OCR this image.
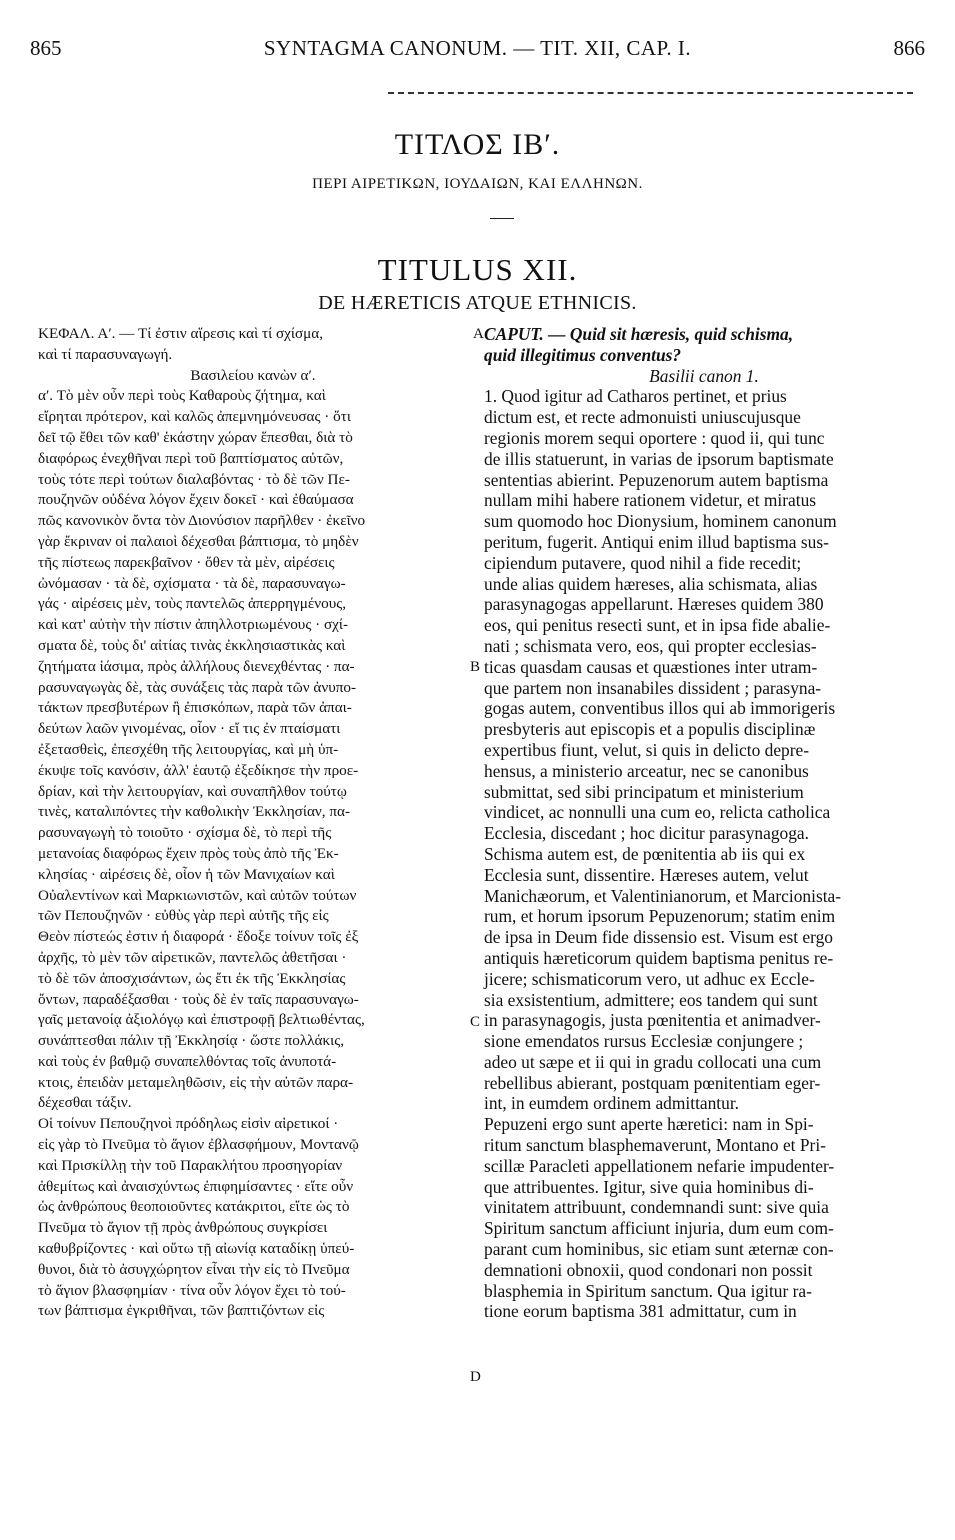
865	SYNTAGMA CANONUM. — TIT. XII, CAP. I.	866
ΤΙΤΛΟΣ ΙΒʹ.
ΠΕΡΙ ΑΙΡΕΤΙΚΩΝ, ΙΟΥΔΑΙΩΝ, ΚΑΙ ΕΛΛΗΝΩΝ.
TITULUS XII.
DE HÆRETICIS ATQUE ETHNICIS.
ΚΕΦΑΛ. Αʹ. — Τί ἐστιν αἵρεσις καὶ τί σχίσμα,
καὶ τί παρασυναγωγή.
Βασιλείου κανὼν αʹ.
αʹ. Τὸ μὲν οὖν περὶ τοὺς Καθαροὺς ζήτημα, καὶ
εἴρηται πρότερον, καὶ καλῶς ἀπεμνημόνευσας · ὅτι
δεῖ τῷ ἔθει τῶν καθ' ἑκάστην χώραν ἕπεσθαι, διὰ τὸ
διαφόρως ἐνεχθῆναι περὶ τοῦ βαπτίσματος αὐτῶν,
τοὺς τότε περὶ τούτων διαλαβόντας · τὸ δὲ τῶν Πε-
πουζηνῶν οὐδένα λόγον ἔχειν δοκεῖ · καὶ ἐθαύμασα
πῶς κανονικὸν ὄντα τὸν Διονύσιον παρῆλθεν · ἐκεῖνο
γὰρ ἔκριναν οἱ παλαιοὶ δέχεσθαι βάπτισμα, τὸ μηδὲν
τῆς πίστεως παρεκβαῖνον · ὅθεν τὰ μὲν, αἱρέσεις
ὠνόμασαν · τὰ δὲ, σχίσματα · τὰ δὲ, παρασυναγω-
γάς · αἱρέσεις μὲν, τοὺς παντελῶς ἀπερρηγμένους,
καὶ κατ' αὐτὴν τὴν πίστιν ἀπηλλοτριωμένους · σχί-
σματα δὲ, τοὺς δι' αἰτίας τινὰς ἐκκλησιαστικὰς καὶ
ζητήματα ἰάσιμα, πρὸς ἀλλήλους διενεχθέντας · πα-
ρασυναγωγὰς δὲ, τὰς συνάξεις τὰς παρὰ τῶν ἀνυπο-
τάκτων πρεσβυτέρων ἢ ἐπισκόπων, παρὰ τῶν ἀπαι-
δεύτων λαῶν γινομένας, οἷον · εἴ τις ἐν πταίσματι
ἐξετασθεὶς, ἐπεσχέθη τῆς λειτουργίας, καὶ μὴ ὑπ-
έκυψε τοῖς κανόσιν, ἀλλ' ἑαυτῷ ἐξεδίκησε τὴν προε-
δρίαν, καὶ τὴν λειτουργίαν, καὶ συναπῆλθον τούτῳ
τινὲς, καταλιπόντες τὴν καθολικὴν Ἐκκλησίαν, πα-
ρασυναγωγὴ τὸ τοιοῦτο · σχίσμα δὲ, τὸ περὶ τῆς
μετανοίας διαφόρως ἔχειν πρὸς τοὺς ἀπὸ τῆς Ἐκ-
κλησίας · αἱρέσεις δὲ, οἷον ἡ τῶν Μανιχαίων καὶ
Οὐαλεντίνων καὶ Μαρκιωνιστῶν, καὶ αὐτῶν τούτων
τῶν Πεπουζηνῶν · εὐθὺς γὰρ περὶ αὐτῆς τῆς εἰς
Θεὸν πίστεώς ἐστιν ἡ διαφορά · ἔδοξε τοίνυν τοῖς ἐξ
ἀρχῆς, τὸ μὲν τῶν αἱρετικῶν, παντελῶς ἀθετῆσαι ·
τὸ δὲ τῶν ἀποσχισάντων, ὡς ἔτι ἐκ τῆς Ἐκκλησίας
ὄντων, παραδέξασθαι · τοὺς δὲ ἐν ταῖς παρασυναγω-
γαῖς μετανοίᾳ ἀξιολόγῳ καὶ ἐπιστροφῇ βελτιωθέντας,
συνάπτεσθαι πάλιν τῇ Ἐκκλησίᾳ · ὥστε πολλάκις,
καὶ τοὺς ἐν βαθμῷ συναπελθόντας τοῖς ἀνυποτά-
κτοις, ἐπειδὰν μεταμεληθῶσιν, εἰς τὴν αὐτῶν παρα-
δέχεσθαι τάξιν.
Οἱ τοίνυν Πεπουζηνοὶ πρόδηλως εἰσὶν αἱρετικοί ·
εἰς γὰρ τὸ Πνεῦμα τὸ ἅγιον ἐβλασφήμουν, Μοντανῷ
καὶ Πρισκίλλῃ τὴν τοῦ Παρακλήτου προσηγορίαν
ἀθεμίτως καὶ ἀναισχύντως ἐπιφημίσαντες · εἴτε οὖν
ὡς ἀνθρώπους θεοποιοῦντες κατάκριτοι, εἴτε ὡς τὸ
Πνεῦμα τὸ ἅγιον τῇ πρὸς ἀνθρώπους συγκρίσει
καθυβρίζοντες · καὶ οὕτω τῇ αἰωνίᾳ καταδίκῃ ὑπεύ-
θυνοι, διὰ τὸ ἀσυγχώρητον εἶναι τὴν εἰς τὸ Πνεῦμα
τὸ ἅγιον βλασφημίαν · τίνα οὖν λόγον ἔχει τὸ τού-
των βάπτισμα ἐγκριθῆναι, τῶν βαπτιζόντων εἰς
CAPUT. — Quid sit hæresis, quid schisma,
quid illegitimus conventus?
Basilii canon 1.
1. Quod igitur ad Catharos pertinet, et prius
dictum est, et recte admonuisti uniuscujusque
regionis morem sequi oportere : quod ii, qui tunc
de illis statuerunt, in varias de ipsorum baptismate
sententias abierint. Pepuzenorum autem baptisma
nullam mihi habere rationem videtur, et miratus
sum quomodo hoc Dionysium, hominem canonum
peritum, fugerit. Antiqui enim illud baptisma sus-
cipiendum putavere, quod nihil a fide recedit;
unde alias quidem hæreses, alia schismata, alias
parasynagogas appellarunt. Hæreses quidem 380
eos, qui penitus resecti sunt, et in ipsa fide abalie-
nati ; schismata vero, eos, qui propter ecclesias-
ticas quasdam causas et quæstiones inter utram-
que partem non insanabiles dissident ; parasyna-
gogas autem, conventibus illos qui ab immorigeris
presbyteris aut episcopis et a populis disciplinæ
expertibus fiunt, velut, si quis in delicto depre-
hensus, a ministerio arceatur, nec se canonibus
submittat, sed sibi principatum et ministerium
vindicet, ac nonnulli una cum eo, relicta catholica
Ecclesia, discedant ; hoc dicitur parasynagoga.
Schisma autem est, de pœnitentia ab iis qui ex
Ecclesia sunt, dissentire. Hæreses autem, velut
Manichæorum, et Valentinianorum, et Marcionista-
rum, et horum ipsorum Pepuzenorum; statim enim
de ipsa in Deum fide dissensio est. Visum est ergo
antiquis hæreticorum quidem baptisma penitus re-
jicere; schismaticorum vero, ut adhuc ex Eccle-
sia exsistentium, admittere; eos tandem qui sunt
in parasynagogis, justa pœnitentia et animadver-
sione emendatos rursus Ecclesiæ conjungere ;
adeo ut sæpe et ii qui in gradu collocati una cum
rebellibus abierant, postquam pœnitentiam eger-
int, in eumdem ordinem admittantur.
Pepuzeni ergo sunt aperte hæretici: nam in Spi-
ritum sanctum blasphemaverunt, Montano et Pri-
scillæ Paracleti appellationem nefarie impudenter-
que attribuentes. Igitur, sive quia hominibus di-
vinitatem attribuunt, condemnandi sunt: sive quia
Spiritum sanctum afficiunt injuria, dum eum com-
parant cum hominibus, sic etiam sunt æternæ con-
demnationi obnoxii, quod condonari non possit
blasphemia in Spiritum sanctum. Qua igitur ra-
tione eorum baptisma 381 admittatur, cum in
A
B
C
D
